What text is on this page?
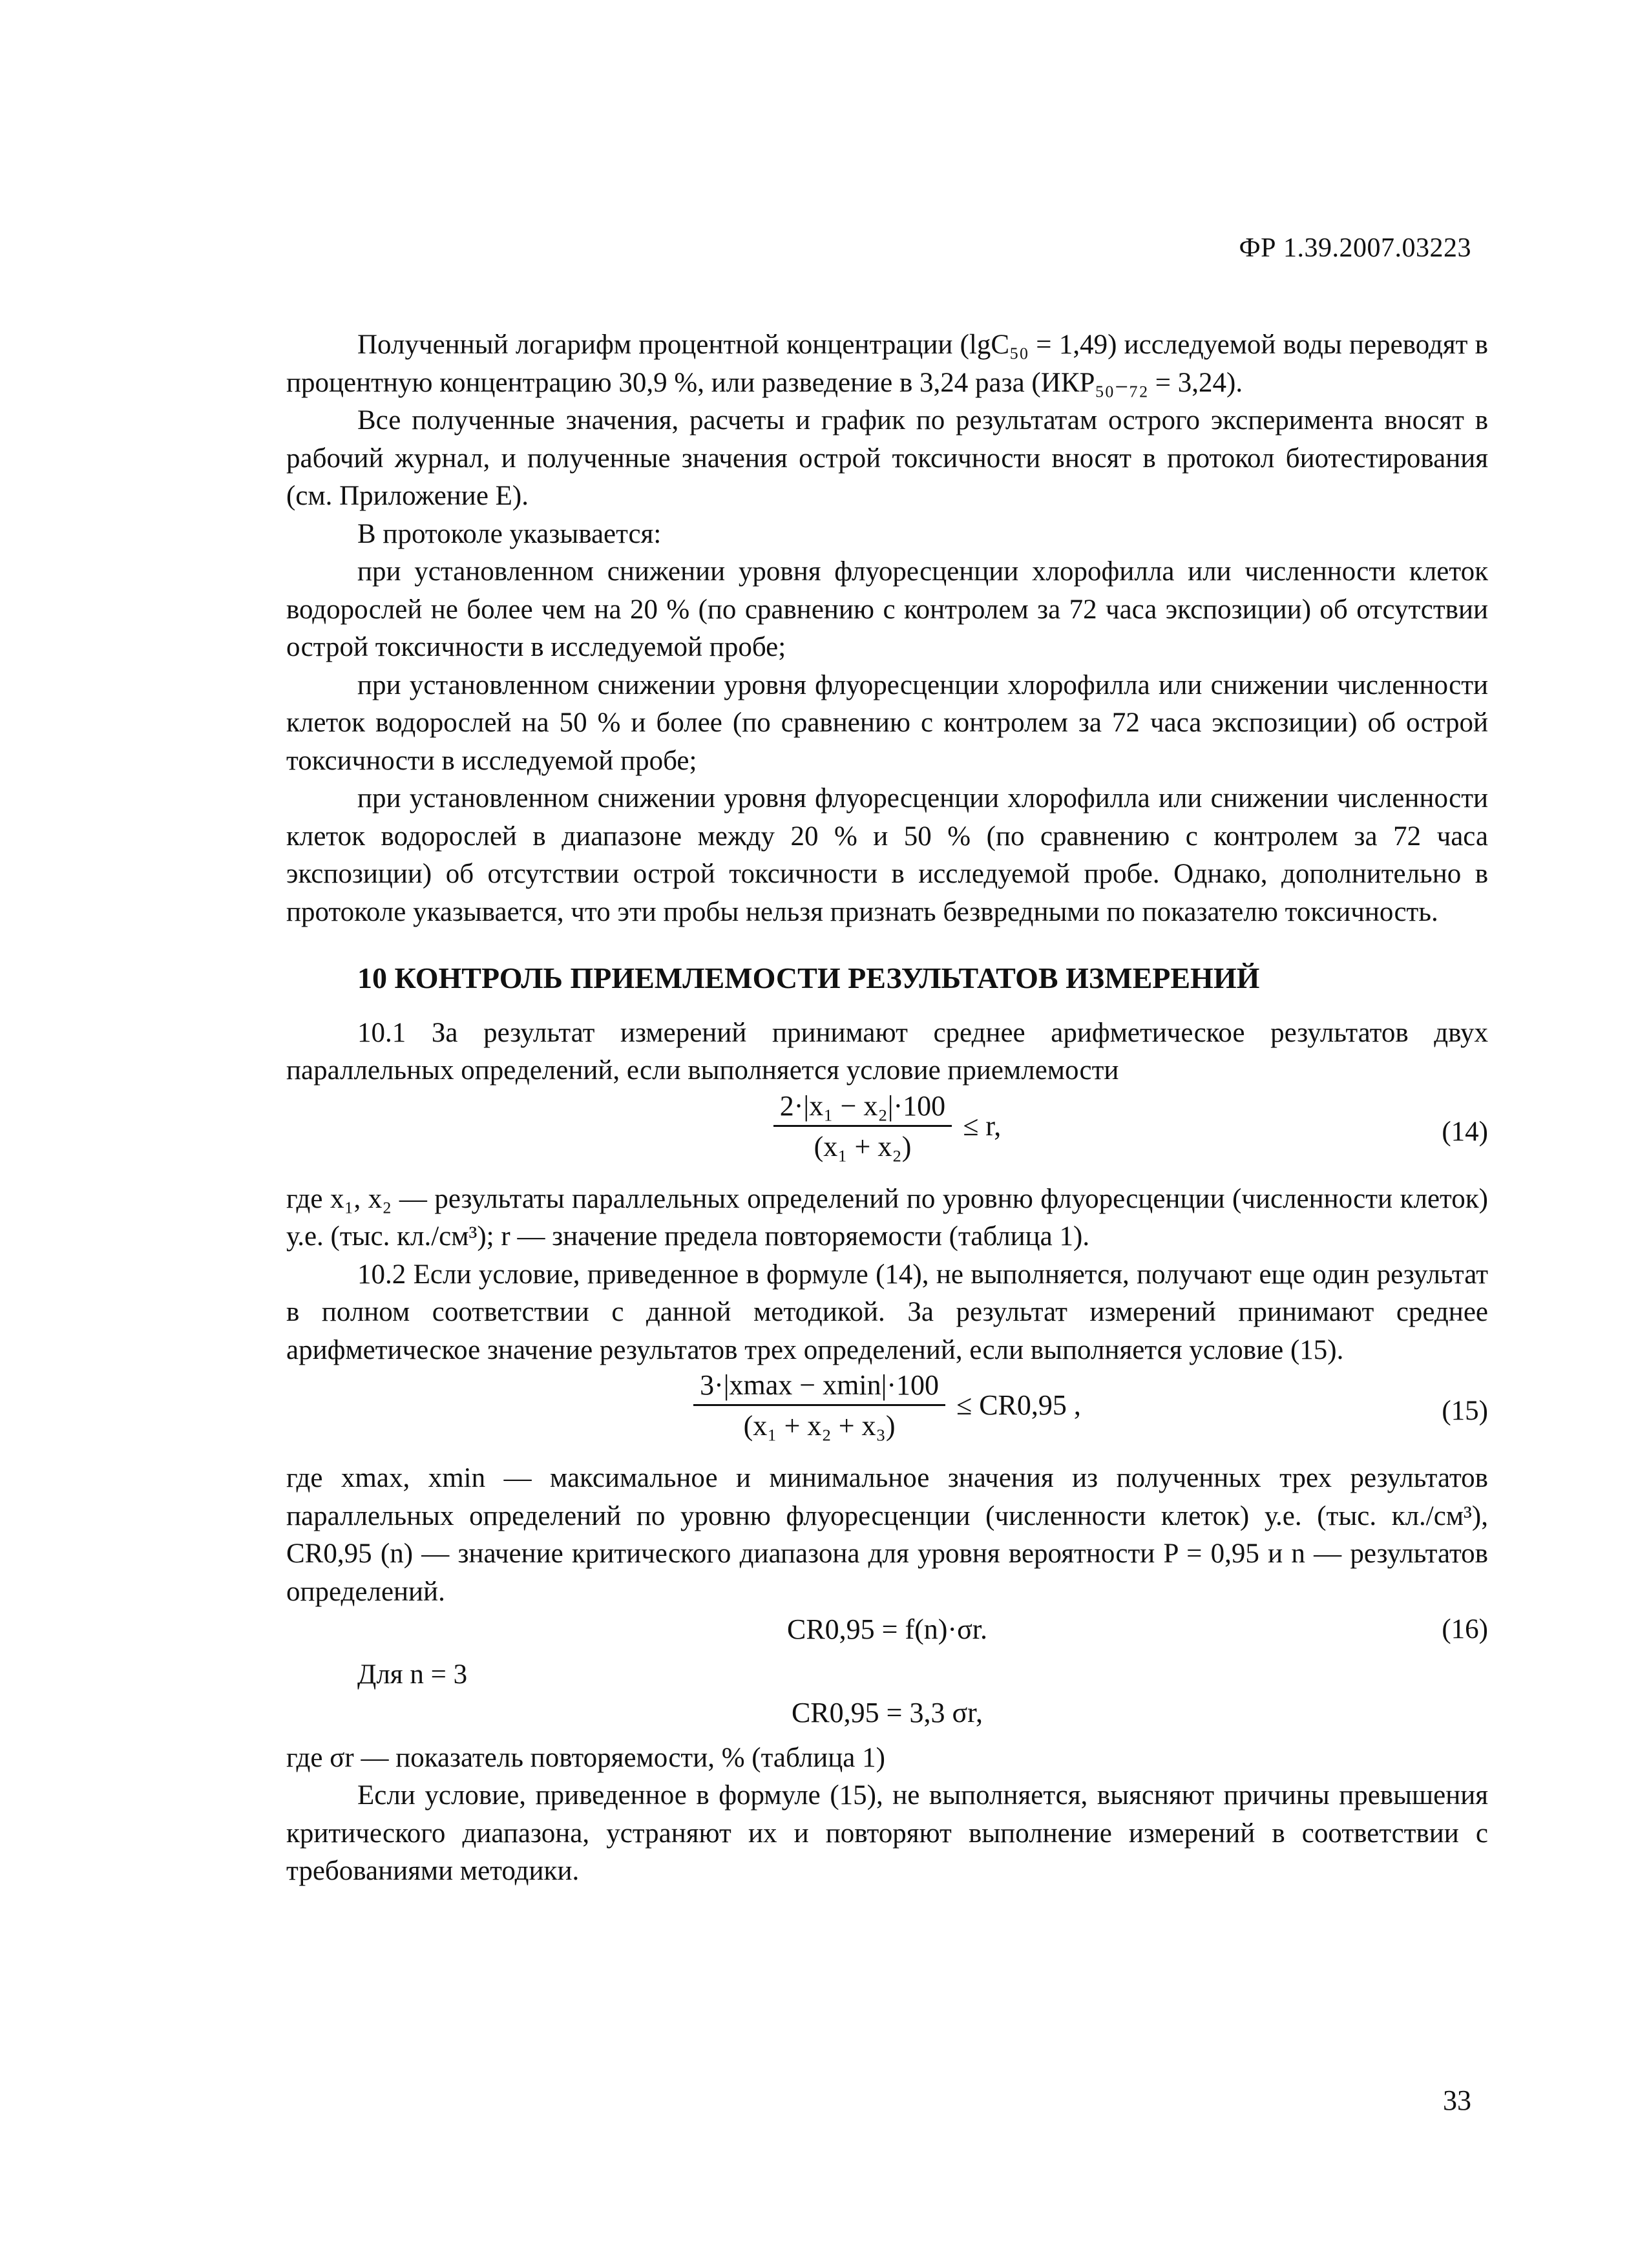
ФР 1.39.2007.03223

Полученный логарифм процентной концентрации (lgC₅₀ = 1,49) исследуемой воды переводят в процентную концентрацию 30,9 %, или разведение в 3,24 раза (ИКР₅₀₋₇₂ = 3,24).

Все полученные значения, расчеты и график по результатам острого эксперимента вносят в рабочий журнал, и полученные значения острой токсичности вносят в протокол биотестирования (см. Приложение Е).

В протоколе указывается:

при установленном снижении уровня флуоресценции хлорофилла или численности клеток водорослей не более чем на 20 % (по сравнению с контролем за 72 часа экспозиции) об отсутствии острой токсичности в исследуемой пробе;

при установленном снижении уровня флуоресценции хлорофилла или снижении численности клеток водорослей на 50 % и более (по сравнению с контролем за 72 часа экспозиции) об острой токсичности в исследуемой пробе;

при установленном снижении уровня флуоресценции хлорофилла или снижении численности клеток водорослей в диапазоне между 20 % и 50 % (по сравнению с контролем за 72 часа экспозиции) об отсутствии острой токсичности в исследуемой пробе. Однако, дополнительно в протоколе указывается, что эти пробы нельзя признать безвредными по показателю токсичность.

10 КОНТРОЛЬ ПРИЕМЛЕМОСТИ РЕЗУЛЬТАТОВ ИЗМЕРЕНИЙ

10.1 За результат измерений принимают среднее арифметическое результатов двух параллельных определений, если выполняется условие приемлемости

$\frac{\text{2·|x₁ − x₂|·100}}{\text{(x₁ + x₂)}} \le r$,	(14)

где x₁, x₂ — результаты параллельных определений по уровню флуоресценции (численности клеток) у.е. (тыс. кл./см³); r — значение предела повторяемости (таблица 1).

10.2 Если условие, приведенное в формуле (14), не выполняется, получают еще один результат в полном соответствии с данной методикой. За результат измерений принимают среднее арифметическое значение результатов трех определений, если выполняется условие (15).

$\frac{3\cdot|xmax - xmin|\cdot 100}{\text{(x₁ + x₂ + x₃)}} \le CR0,95$ ,	(15)

где xmax, xmin — максимальное и минимальное значения из полученных трех результатов параллельных определений по уровню флуоресценции (численности клеток) у.е. (тыс. кл./см³), CR0,95 (n) — значение критического диапазона для уровня вероятности P = 0,95 и n — результатов определений.

CR0,95 = f(n)·σr.	(16)

Для n = 3

CR0,95 = 3,3 σr,

где σr — показатель повторяемости, % (таблица 1)

Если условие, приведенное в формуле (15), не выполняется, выясняют причины превышения критического диапазона, устраняют их и повторяют выполнение измерений в соответствии с требованиями методики.

33
